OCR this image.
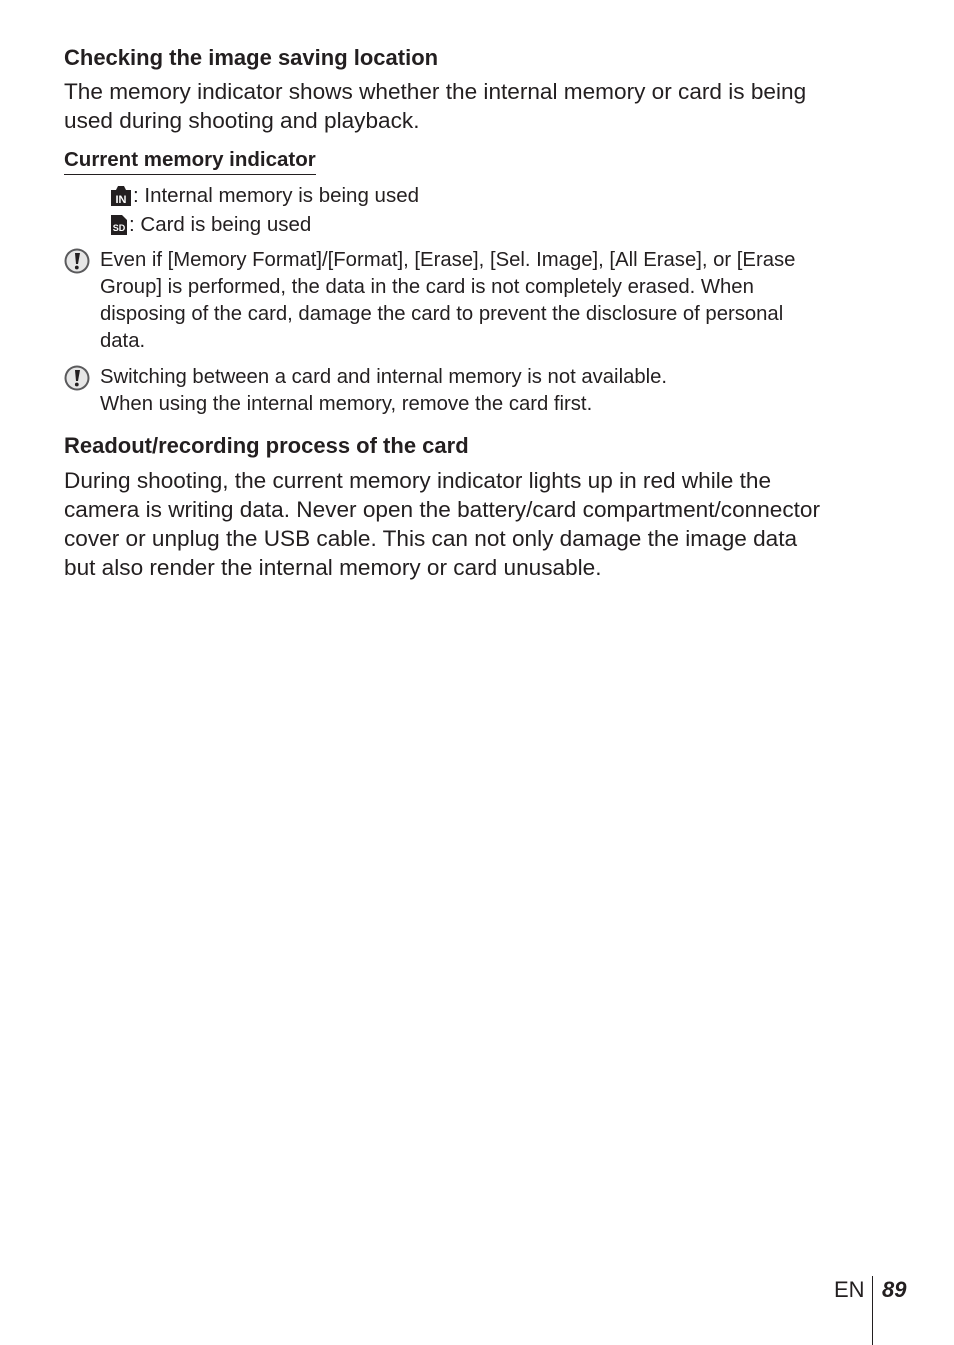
Checking the image saving location
The memory indicator shows whether the internal memory or card is being
used during shooting and playback.
Current memory indicator
IN : Internal memory is being used
SD : Card is being used
Even if [Memory Format]/[Format], [Erase], [Sel. Image], [All Erase], or [Erase
Group] is performed, the data in the card is not completely erased. When
disposing of the card, damage the card to prevent the disclosure of personal
data.
Switching between a card and internal memory is not available.
When using the internal memory, remove the card first.
Readout/recording process of the card
During shooting, the current memory indicator lights up in red while the
camera is writing data. Never open the battery/card compartment/connector
cover or unplug the USB cable. This can not only damage the image data
but also render the internal memory or card unusable.
EN 89
